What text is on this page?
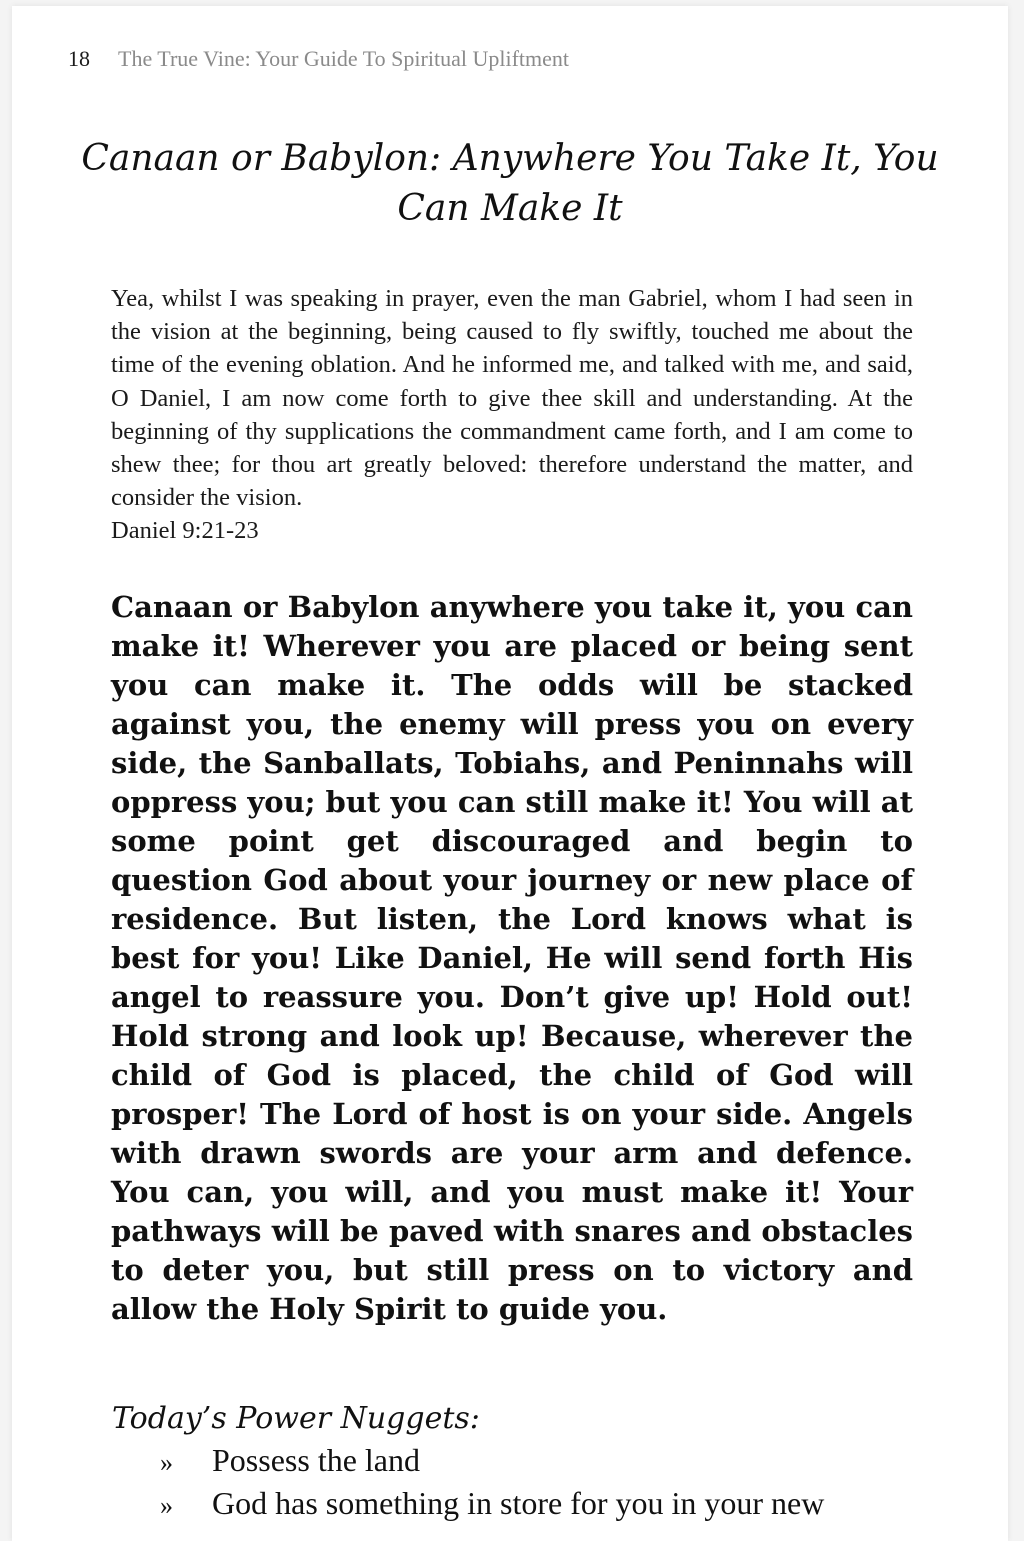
18 The True Vine: Your Guide To Spiritual Upliftment
Canaan or Babylon: Anywhere You Take It, You Can Make It
Yea, whilst I was speaking in prayer, even the man Gabriel, whom I had seen in the vision at the beginning, being caused to fly swiftly, touched me about the time of the evening oblation. And he informed me, and talked with me, and said, O Daniel, I am now come forth to give thee skill and understanding. At the beginning of thy supplications the commandment came forth, and I am come to shew thee; for thou art greatly beloved: therefore understand the matter, and consider the vision.
Daniel 9:21-23
Canaan or Babylon anywhere you take it, you can make it! Wherever you are placed or being sent you can make it. The odds will be stacked against you, the enemy will press you on every side, the Sanballats, Tobiahs, and Peninnahs will oppress you; but you can still make it! You will at some point get discouraged and begin to question God about your journey or new place of residence. But listen, the Lord knows what is best for you! Like Daniel, He will send forth His angel to reassure you. Don’t give up! Hold out! Hold strong and look up! Because, wherever the child of God is placed, the child of God will prosper! The Lord of host is on your side. Angels with drawn swords are your arm and defence. You can, you will, and you must make it! Your pathways will be paved with snares and obstacles to deter you, but still press on to victory and allow the Holy Spirit to guide you.
Today’s Power Nuggets:
» Possess the land
» God has something in store for you in your new
